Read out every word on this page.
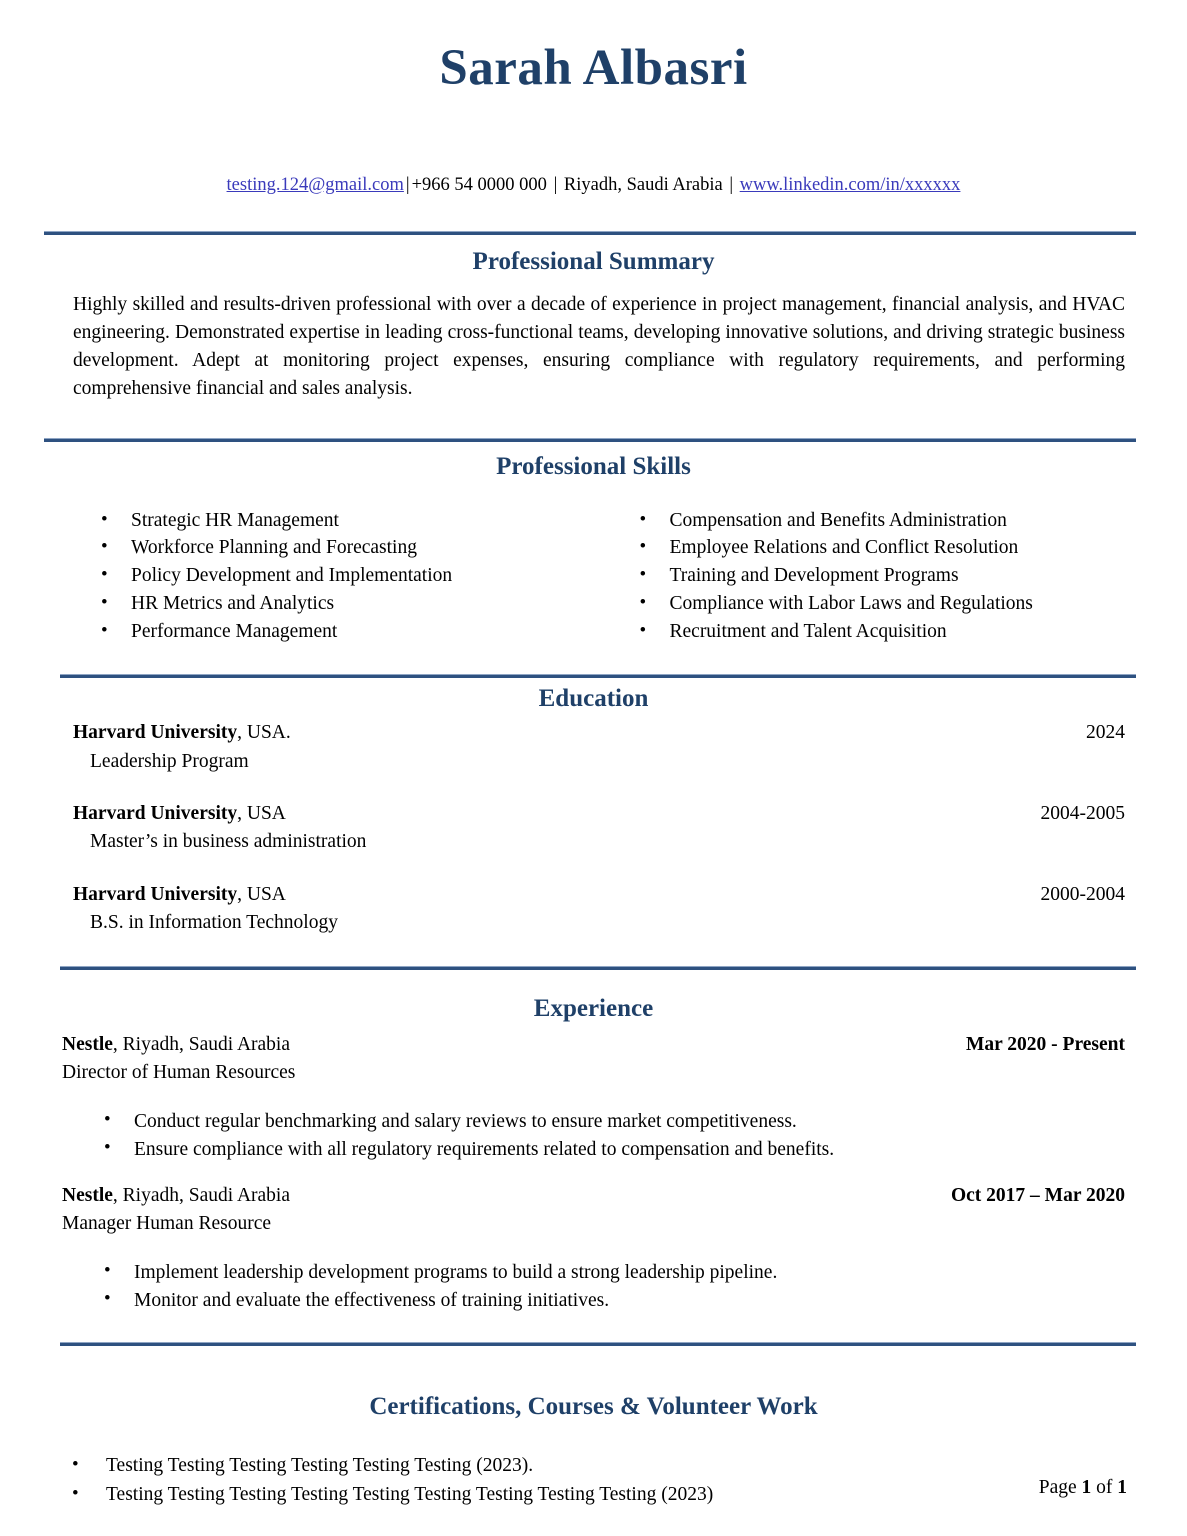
Sarah Albasri
testing.124@gmail.com | +966 54 0000 000 | Riyadh, Saudi Arabia | www.linkedin.com/in/xxxxxx
Professional Summary

Highly skilled and results-driven professional with over a decade of experience in project management, financial analysis, and HVAC engineering. Demonstrated expertise in leading cross-functional teams, developing innovative solutions, and driving strategic business development. Adept at monitoring project expenses, ensuring compliance with regulatory requirements, and performing comprehensive financial and sales analysis.

Professional Skills
• Strategic HR Management
• Workforce Planning and Forecasting
• Policy Development and Implementation
• HR Metrics and Analytics
• Performance Management
• Compensation and Benefits Administration
• Employee Relations and Conflict Resolution
• Training and Development Programs
• Compliance with Labor Laws and Regulations
• Recruitment and Talent Acquisition
Education
Harvard University, USA.	2024
Leadership Program
Harvard University, USA	2004-2005
Master’s in business administration
Harvard University, USA	2000-2004
B.S. in Information Technology
Experience
Nestle, Riyadh, Saudi Arabia	Mar 2020 - Present
Director of Human Resources
• Conduct regular benchmarking and salary reviews to ensure market competitiveness.
• Ensure compliance with all regulatory requirements related to compensation and benefits.
Nestle, Riyadh, Saudi Arabia	Oct 2017 – Mar 2020
Manager Human Resource
• Implement leadership development programs to build a strong leadership pipeline.
• Monitor and evaluate the effectiveness of training initiatives.
Certifications, Courses & Volunteer Work
• Testing Testing Testing Testing Testing Testing (2023).
• Testing Testing Testing Testing Testing Testing Testing Testing Testing (2023)	Page 1 of 1
